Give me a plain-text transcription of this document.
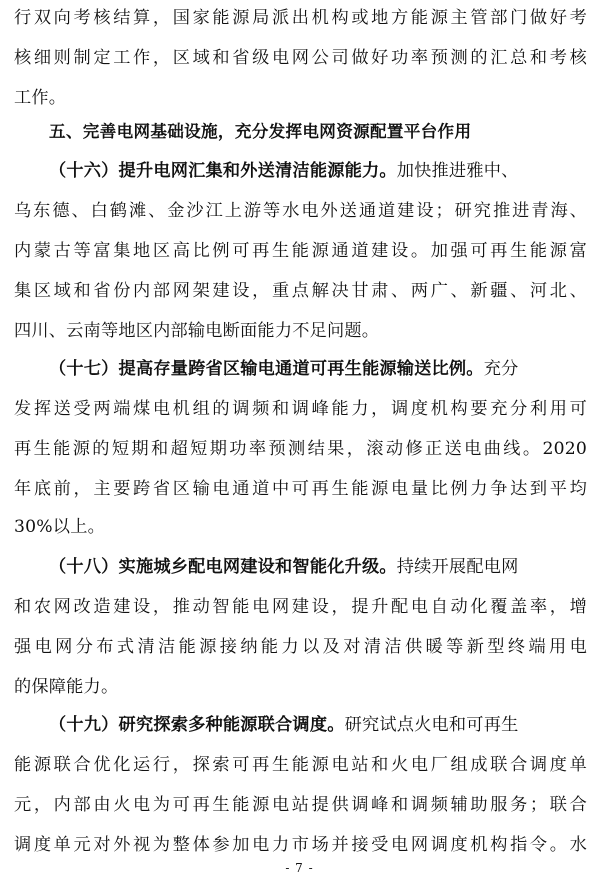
行双向考核结算，国家能源局派出机构或地方能源主管部门做好考
核细则制定工作，区域和省级电网公司做好功率预测的汇总和考核
工作。
五、完善电网基础设施，充分发挥电网资源配置平台作用
（十六）提升电网汇集和外送清洁能源能力。加快推进雅中、
乌东德、白鹤滩、金沙江上游等水电外送通道建设；研究推进青海、
内蒙古等富集地区高比例可再生能源通道建设。加强可再生能源富
集区域和省份内部网架建设，重点解决甘肃、两广、新疆、河北、
四川、云南等地区内部输电断面能力不足问题。
（十七）提高存量跨省区输电通道可再生能源输送比例。充分
发挥送受两端煤电机组的调频和调峰能力，调度机构要充分利用可
再生能源的短期和超短期功率预测结果，滚动修正送电曲线。2020
年底前，主要跨省区输电通道中可再生能源电量比例力争达到平均
30%以上。
（十八）实施城乡配电网建设和智能化升级。持续开展配电网
和农网改造建设，推动智能电网建设，提升配电自动化覆盖率，增
强电网分布式清洁能源接纳能力以及对清洁供暖等新型终端用电
的保障能力。
（十九）研究探索多种能源联合调度。研究试点火电和可再生
能源联合优化运行，探索可再生能源电站和火电厂组成联合调度单
元，内部由火电为可再生能源电站提供调峰和调频辅助服务；联合
调度单元对外视为整体参加电力市场并接受电网调度机构指令。水
- 7 -
